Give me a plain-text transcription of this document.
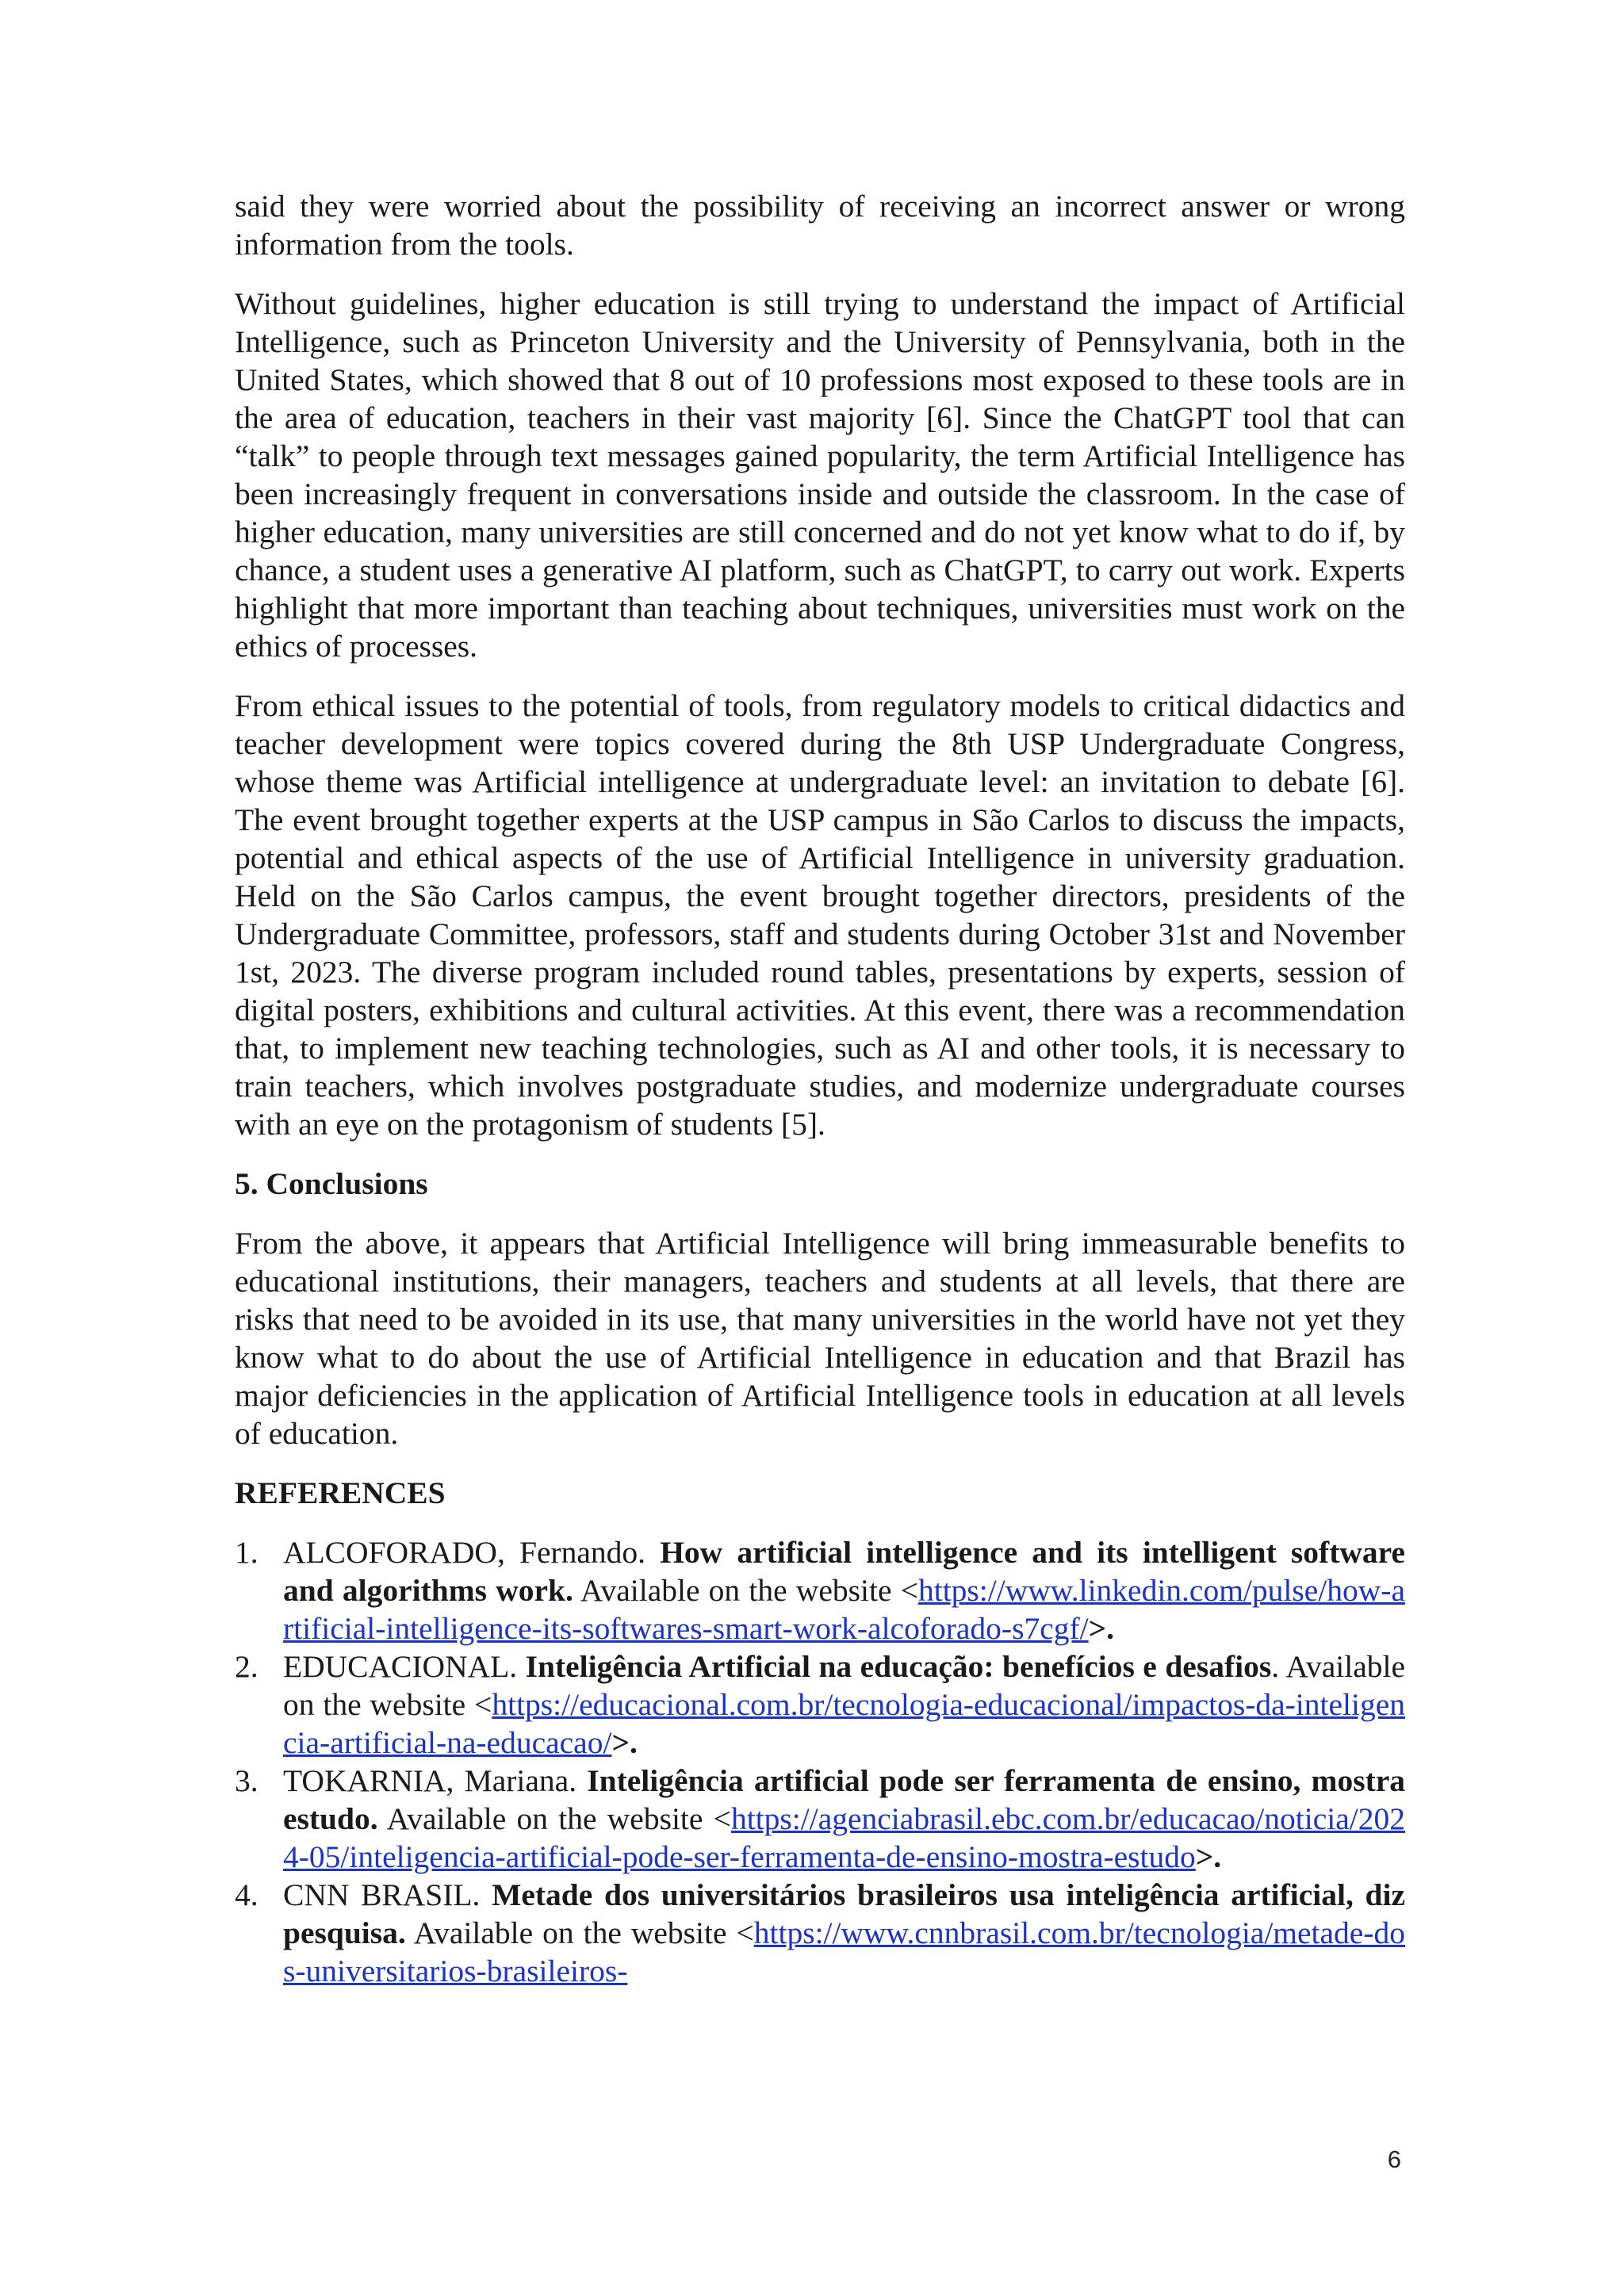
said they were worried about the possibility of receiving an incorrect answer or wrong information from the tools.

Without guidelines, higher education is still trying to understand the impact of Artificial Intelligence, such as Princeton University and the University of Pennsylvania, both in the United States, which showed that 8 out of 10 professions most exposed to these tools are in the area of education, teachers in their vast majority [6]. Since the ChatGPT tool that can “talk” to people through text messages gained popularity, the term Artificial Intelligence has been increasingly frequent in conversations inside and outside the classroom. In the case of higher education, many universities are still concerned and do not yet know what to do if, by chance, a student uses a generative AI platform, such as ChatGPT, to carry out work. Experts highlight that more important than teaching about techniques, universities must work on the ethics of processes.

From ethical issues to the potential of tools, from regulatory models to critical didactics and teacher development were topics covered during the 8th USP Undergraduate Congress, whose theme was Artificial intelligence at undergraduate level: an invitation to debate [6]. The event brought together experts at the USP campus in São Carlos to discuss the impacts, potential and ethical aspects of the use of Artificial Intelligence in university graduation. Held on the São Carlos campus, the event brought together directors, presidents of the Undergraduate Committee, professors, staff and students during October 31st and November 1st, 2023. The diverse program included round tables, presentations by experts, session of digital posters, exhibitions and cultural activities. At this event, there was a recommendation that, to implement new teaching technologies, such as AI and other tools, it is necessary to train teachers, which involves postgraduate studies, and modernize undergraduate courses with an eye on the protagonism of students [5].

5. Conclusions

From the above, it appears that Artificial Intelligence will bring immeasurable benefits to educational institutions, their managers, teachers and students at all levels, that there are risks that need to be avoided in its use, that many universities in the world have not yet they know what to do about the use of Artificial Intelligence in education and that Brazil has major deficiencies in the application of Artificial Intelligence tools in education at all levels of education.

REFERENCES
1. ALCOFORADO, Fernando. How artificial intelligence and its intelligent software and algorithms work. Available on the website <https://www.linkedin.com/pulse/how-artificial-intelligence-its-softwares-smart-work-alcoforado-s7cgf/>.
2. EDUCACIONAL. Inteligência Artificial na educação: benefícios e desafios. Available on the website <https://educacional.com.br/tecnologia-educacional/impactos-da-inteligencia-artificial-na-educacao/>.
3. TOKARNIA, Mariana. Inteligência artificial pode ser ferramenta de ensino, mostra estudo. Available on the website <https://agenciabrasil.ebc.com.br/educacao/noticia/2024-05/inteligencia-artificial-pode-ser-ferramenta-de-ensino-mostra-estudo>.
4. CNN BRASIL. Metade dos universitários brasileiros usa inteligência artificial, diz pesquisa. Available on the website <https://www.cnnbrasil.com.br/tecnologia/metade-dos-universitarios-brasileiros-
6
